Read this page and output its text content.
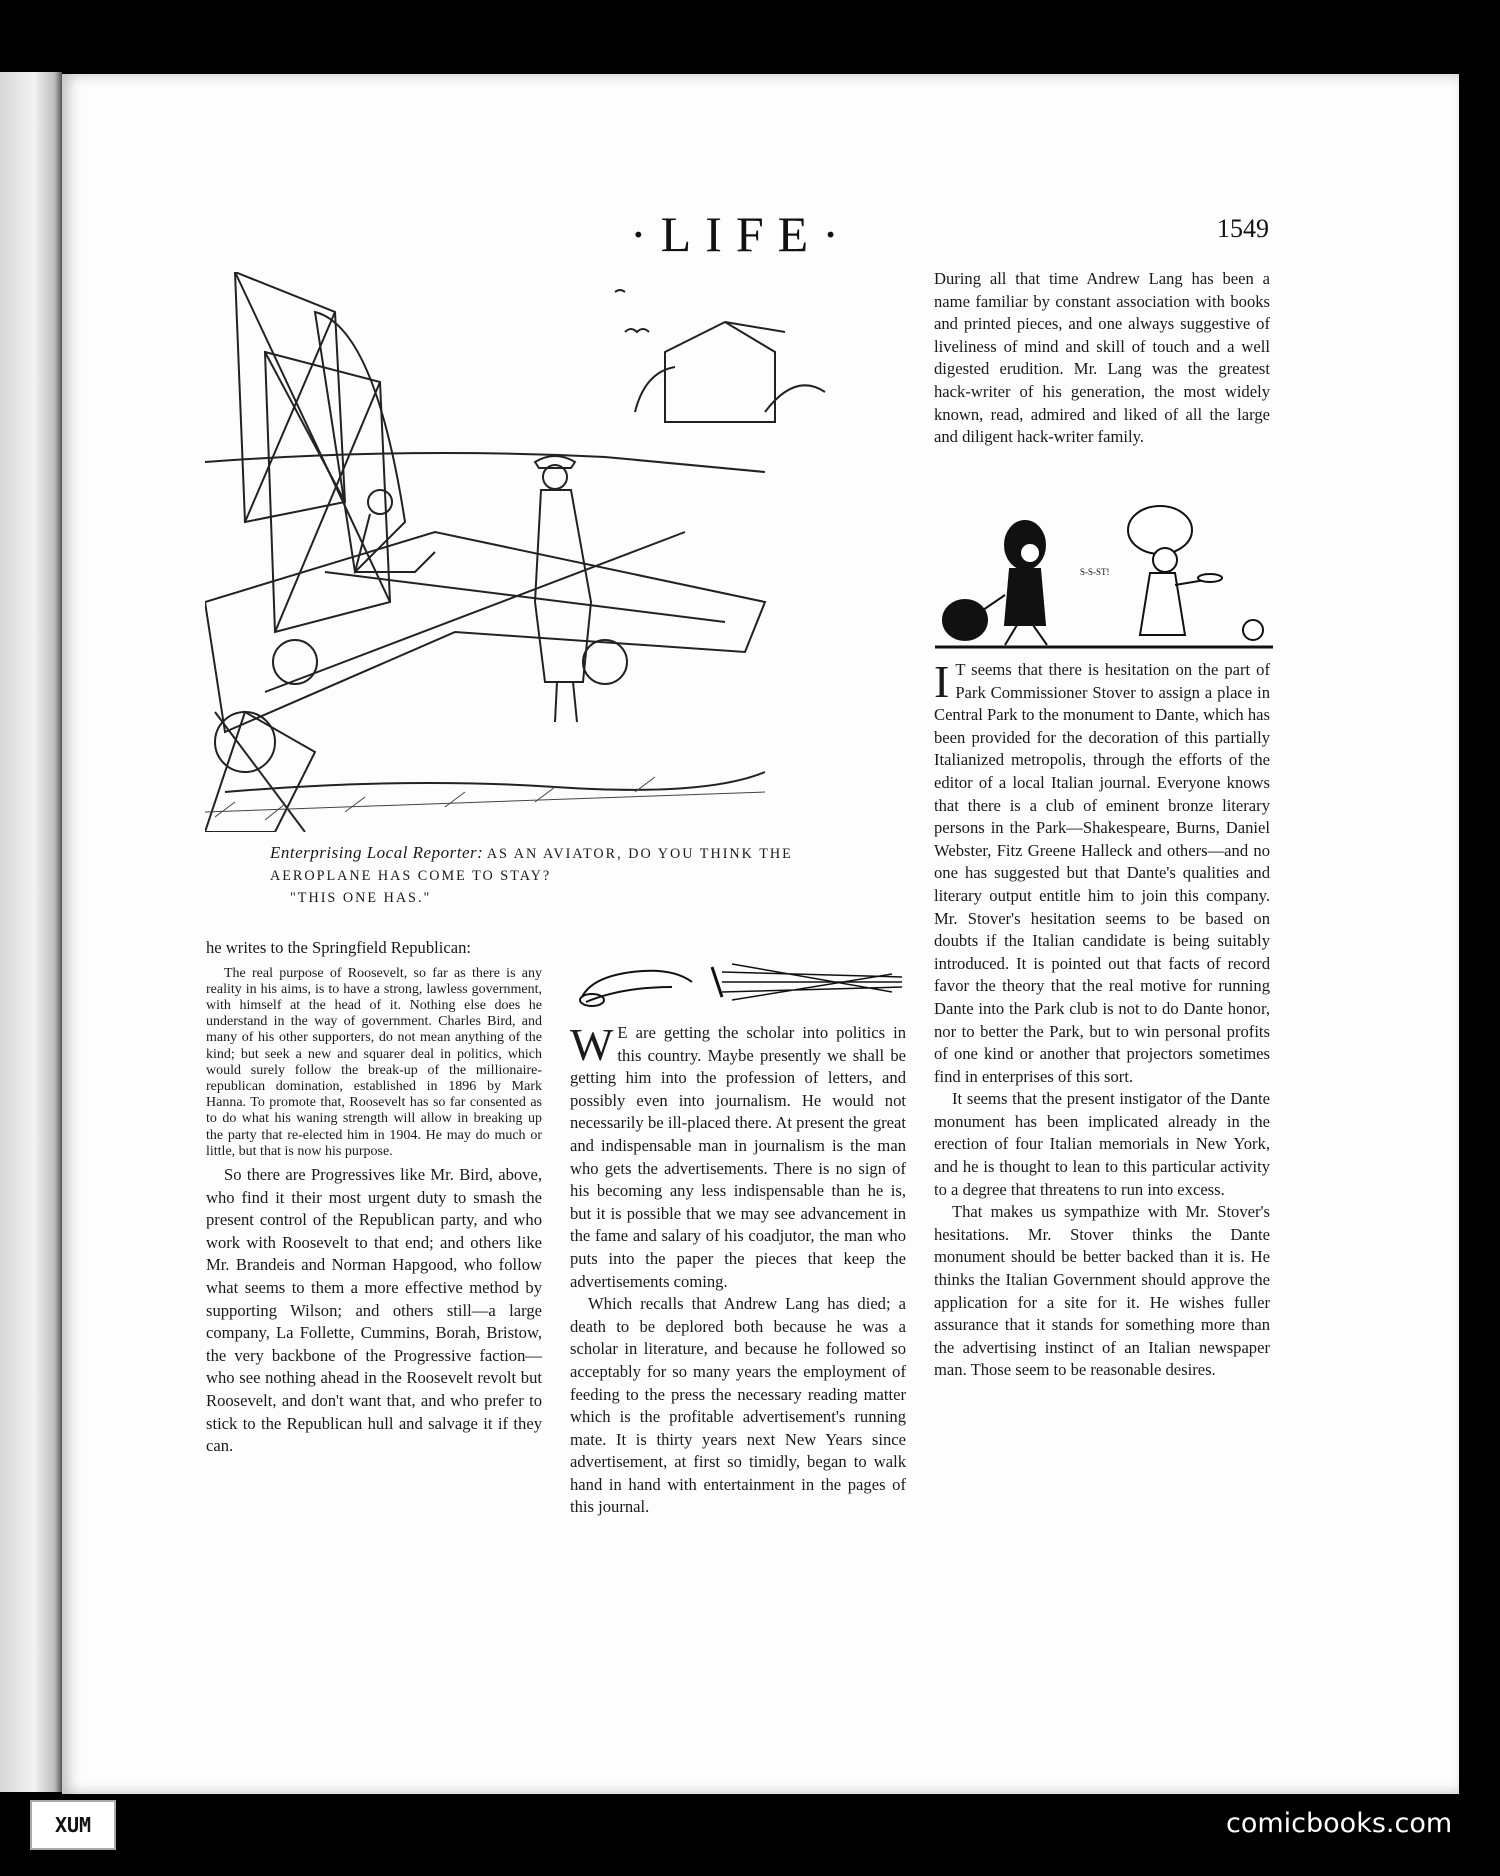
·LIFE·	1549
Enterprising Local Reporter: AS AN AVIATOR, DO YOU THINK THE AEROPLANE HAS COME TO STAY?
"THIS ONE HAS."

During all that time Andrew Lang has been a name familiar by constant association with books and printed pieces, and one always suggestive of liveliness of mind and skill of touch and a well digested erudition. Mr. Lang was the greatest hack-writer of his generation, the most widely known, read, admired and liked of all the large and diligent hack-writer family.

S-S-ST!

he writes to the Springfield Republican:

The real purpose of Roosevelt, so far as there is any reality in his aims, is to have a strong, lawless government, with himself at the head of it. Nothing else does he understand in the way of government. Charles Bird, and many of his other supporters, do not mean anything of the kind; but seek a new and squarer deal in politics, which would surely follow the break-up of the millionaire-republican domination, established in 1896 by Mark Hanna. To promote that, Roosevelt has so far consented as to do what his waning strength will allow in breaking up the party that re-elected him in 1904. He may do much or little, but that is now his purpose.

So there are Progressives like Mr. Bird, above, who find it their most urgent duty to smash the present control of the Republican party, and who work with Roosevelt to that end; and others like Mr. Brandeis and Norman Hapgood, who follow what seems to them a more effective method by supporting Wilson; and others still—a large company, La Follette, Cummins, Borah, Bristow, the very backbone of the Progressive faction—who see nothing ahead in the Roosevelt revolt but Roosevelt, and don't want that, and who prefer to stick to the Republican hull and salvage it if they can.

W E are getting the scholar into politics in this country. Maybe presently we shall be getting him into the profession of letters, and possibly even into journalism. He would not necessarily be ill-placed there. At present the great and indispensable man in journalism is the man who gets the advertisements. There is no sign of his becoming any less indispensable than he is, but it is possible that we may see advancement in the fame and salary of his coadjutor, the man who puts into the paper the pieces that keep the advertisements coming.

Which recalls that Andrew Lang has died; a death to be deplored both because he was a scholar in literature, and because he followed so acceptably for so many years the employment of feeding to the press the necessary reading matter which is the profitable advertisement's running mate. It is thirty years next New Years since advertisement, at first so timidly, began to walk hand in hand with entertainment in the pages of this journal.

I T seems that there is hesitation on the part of Park Commissioner Stover to assign a place in Central Park to the monument to Dante, which has been provided for the decoration of this partially Italianized metropolis, through the efforts of the editor of a local Italian journal. Everyone knows that there is a club of eminent bronze literary persons in the Park—Shakespeare, Burns, Daniel Webster, Fitz Greene Halleck and others—and no one has suggested but that Dante's qualities and literary output entitle him to join this company. Mr. Stover's hesitation seems to be based on doubts if the Italian candidate is being suitably introduced. It is pointed out that facts of record favor the theory that the real motive for running Dante into the Park club is not to do Dante honor, nor to better the Park, but to win personal profits of one kind or another that projectors sometimes find in enterprises of this sort.

It seems that the present instigator of the Dante monument has been implicated already in the erection of four Italian memorials in New York, and he is thought to lean to this particular activity to a degree that threatens to run into excess.

That makes us sympathize with Mr. Stover's hesitations. Mr. Stover thinks the Dante monument should be better backed than it is. He thinks the Italian Government should approve the application for a site for it. He wishes fuller assurance that it stands for something more than the advertising instinct of an Italian newspaper man. Those seem to be reasonable desires.

XUM	comicbooks.com
